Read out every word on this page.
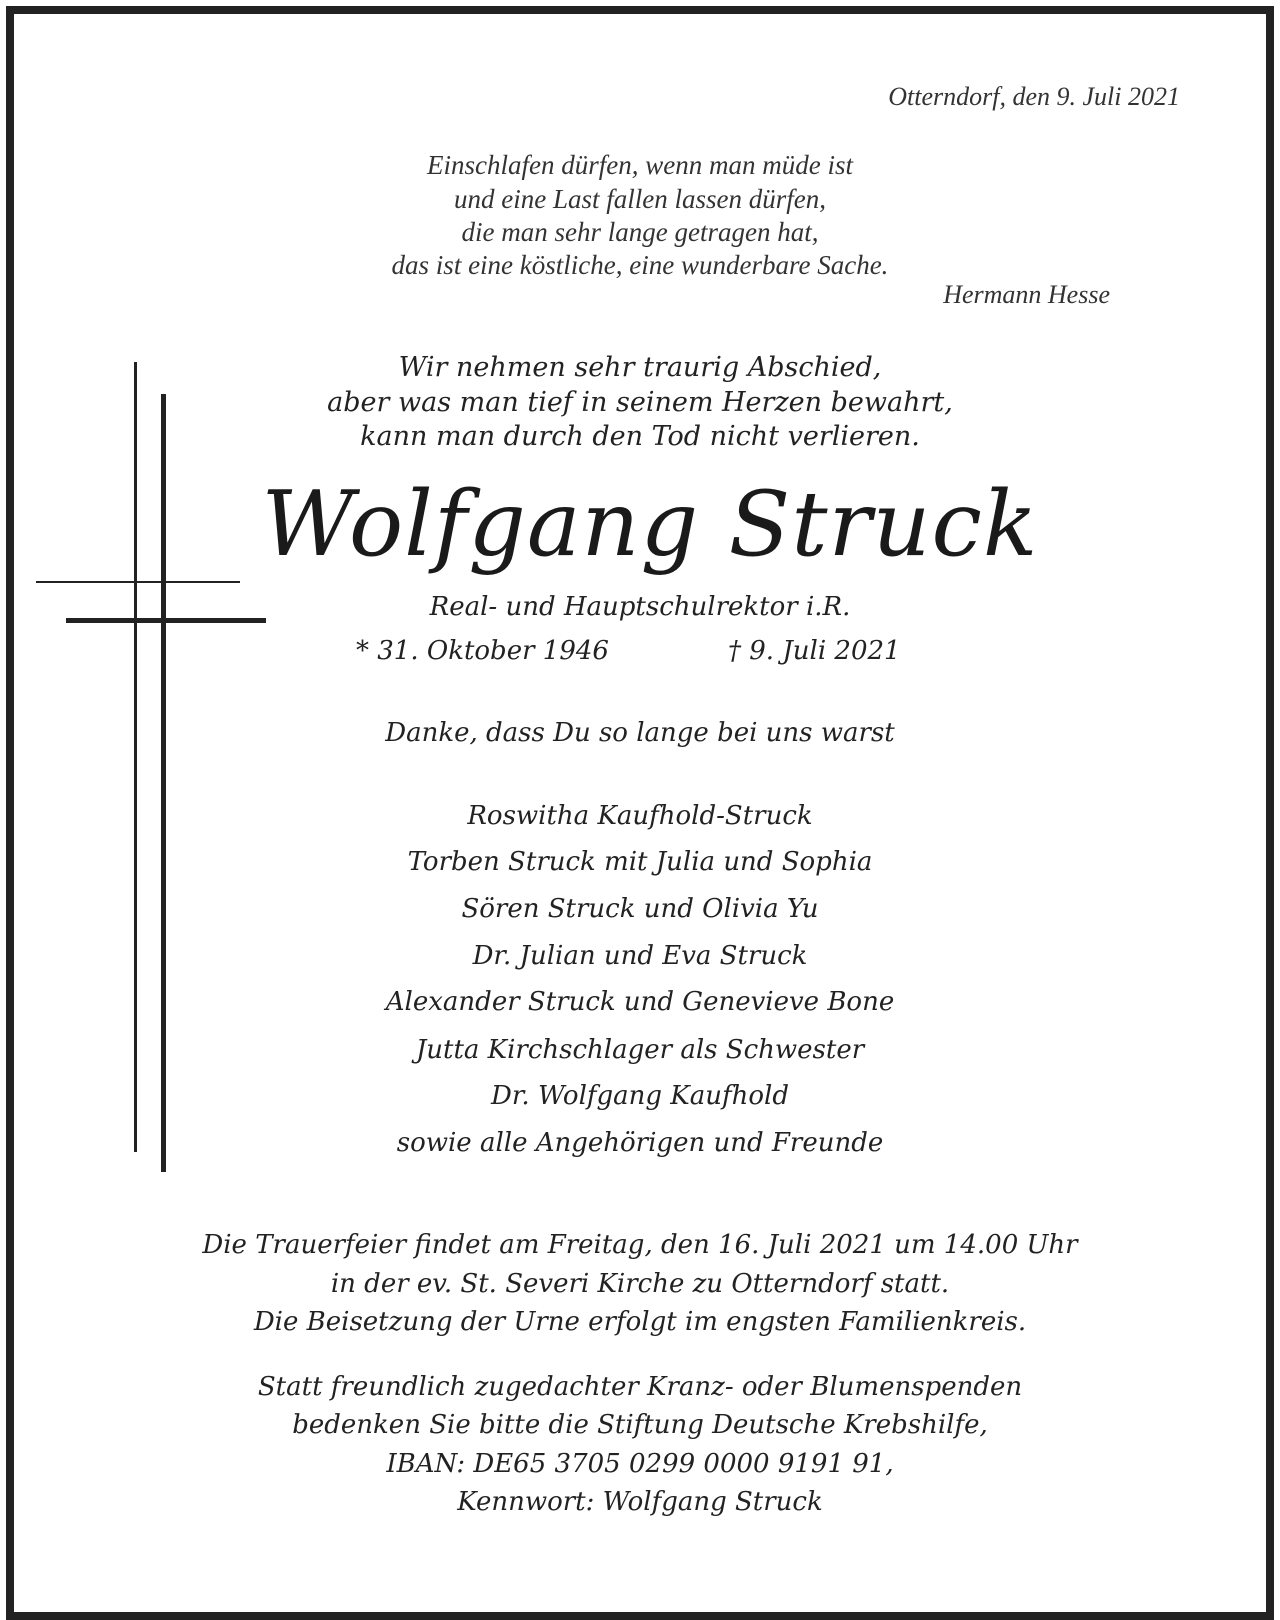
Otterndorf, den 9. Juli 2021
Einschlafen dürfen, wenn man müde ist
und eine Last fallen lassen dürfen,
die man sehr lange getragen hat,
das ist eine köstliche, eine wunderbare Sache.
Hermann Hesse
Wir nehmen sehr traurig Abschied,
aber was man tief in seinem Herzen bewahrt,
kann man durch den Tod nicht verlieren.
Wolfgang Struck
Real- und Hauptschulrektor i.R.
* 31. Oktober 1946	† 9. Juli 2021
Danke, dass Du so lange bei uns warst
Roswitha Kaufhold-Struck
Torben Struck mit Julia und Sophia
Sören Struck und Olivia Yu
Dr. Julian und Eva Struck
Alexander Struck und Genevieve Bone
Jutta Kirchschlager als Schwester
Dr. Wolfgang Kaufhold
sowie alle Angehörigen und Freunde
Die Trauerfeier findet am Freitag, den 16. Juli 2021 um 14.00 Uhr
in der ev. St. Severi Kirche zu Otterndorf statt.
Die Beisetzung der Urne erfolgt im engsten Familienkreis.
Statt freundlich zugedachter Kranz- oder Blumenspenden
bedenken Sie bitte die Stiftung Deutsche Krebshilfe,
IBAN: DE65 3705 0299 0000 9191 91,
Kennwort: Wolfgang Struck
